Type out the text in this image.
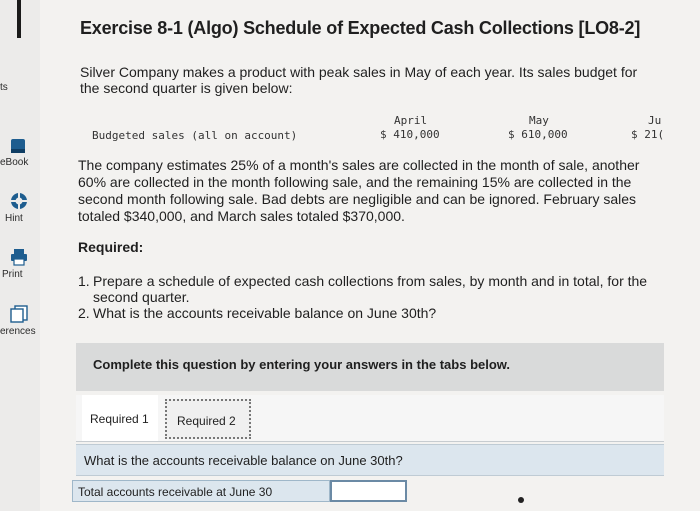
ts
eBook
Hint
Print
erences
Exercise 8-1 (Algo) Schedule of Expected Cash Collections [LO8-2]

Silver Company makes a product with peak sales in May of each year. Its sales budget for the second quarter is given below:

Budgeted sales (all on account)
April
$ 410,000
May
$ 610,000
Ju
$ 21(

The company estimates 25% of a month's sales are collected in the month of sale, another 60% are collected in the month following sale, and the remaining 15% are collected in the second month following sale. Bad debts are negligible and can be ignored. February sales totaled $340,000, and March sales totaled $370,000.

Required:

1. Prepare a schedule of expected cash collections from sales, by month and in total, for the second quarter.
2. What is the accounts receivable balance on June 30th?
Complete this question by entering your answers in the tabs below.
Required 1 Required 2
What is the accounts receivable balance on June 30th?
Total accounts receivable at June 30
